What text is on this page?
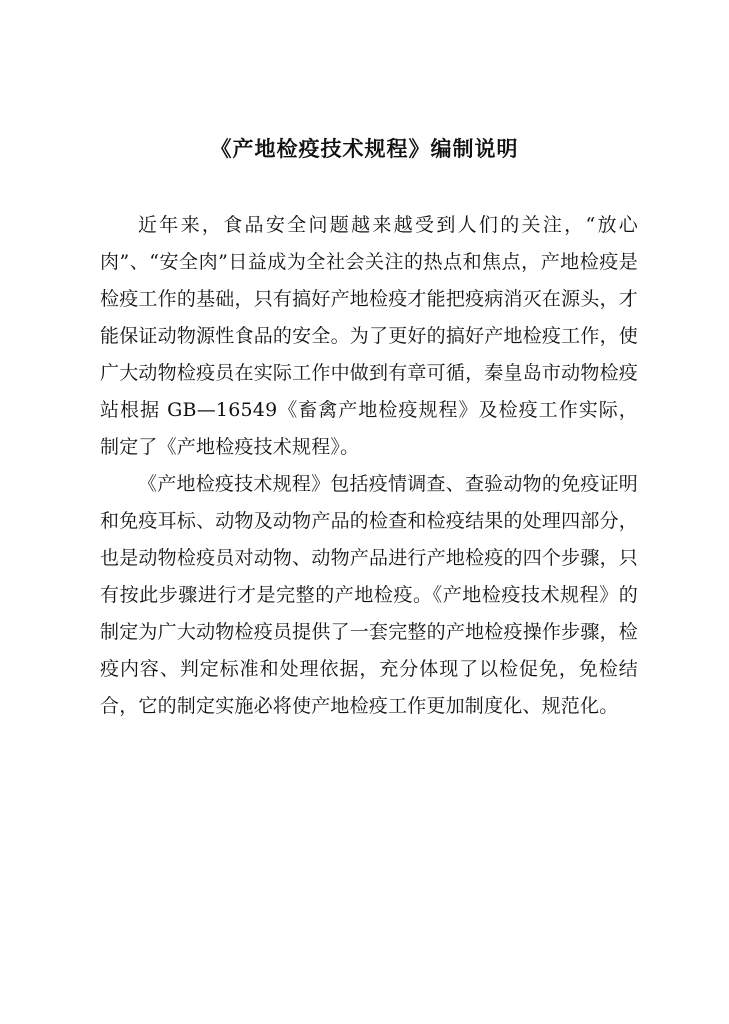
《产地检疫技术规程》编制说明

近年来，食品安全问题越来越受到人们的关注，“放心肉”、“安全肉”日益成为全社会关注的热点和焦点，产地检疫是检疫工作的基础，只有搞好产地检疫才能把疫病消灭在源头，才能保证动物源性食品的安全。为了更好的搞好产地检疫工作，使广大动物检疫员在实际工作中做到有章可循，秦皇岛市动物检疫站根据 GB—16549《畜禽产地检疫规程》及检疫工作实际，制定了《产地检疫技术规程》。

《产地检疫技术规程》包括疫情调查、查验动物的免疫证明和免疫耳标、动物及动物产品的检查和检疫结果的处理四部分，也是动物检疫员对动物、动物产品进行产地检疫的四个步骤，只有按此步骤进行才是完整的产地检疫。《产地检疫技术规程》的制定为广大动物检疫员提供了一套完整的产地检疫操作步骤，检疫内容、判定标准和处理依据，充分体现了以检促免，免检结合，它的制定实施必将使产地检疫工作更加制度化、规范化。
